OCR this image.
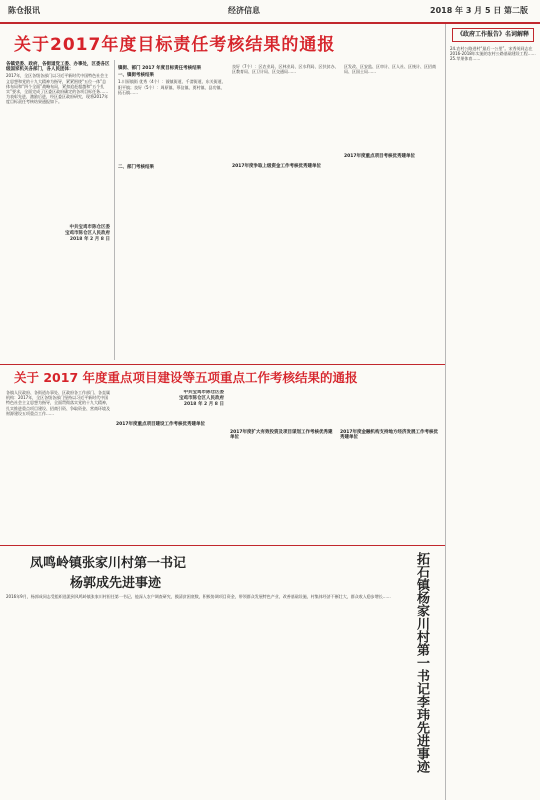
陈仓报讯	经济信息	2018 年 3 月 5 日 第二版
关于2017年度目标责任考核结果的通报
各镇党委、政府，各街道党工委、办事处，区委各区级国家机关各部门，各人民团体：
2017年，全区各级各部门以习近平新时代中国特色社会主义思想和党的十九大精神为指导，紧紧围绕“五位一体”总体布局和“四个全面”战略布局，紧扣追赶超越和“五个扎实”要求，全面完成了区委区政府确定的各项目标任务……为表彰先进，激励后进，经区委区政府研究，现将2017年度目标责任考核结果通报如下。
中共宝鸡市陈仓区委
宝鸡市陈仓区人民政府
2018 年 2 月 8 日
镇街、部门 2017 年度目标责任考核结果
一、镇街考核结果
1.川原镇街 优秀（4个）：虢镇街道、千渭街道、东关街道、阳平镇；良好（5个）：周原镇、慕仪镇、贾村镇、县功镇、拓石镇……
二、部门考核结果
良好（7个）：区农业局、区林业局、区水利局、区扶贫办、区教育局、区卫计局、区交通局……
2017年度争取上级资金工作考核优秀建单位
区发改、区安监、区审计、区人社、区统计、区招商局、区国土局……
2017年度重点项目考核优秀建单位
关于 2017 年度重点项目建设等五项重点工作考核结果的通报
各镇人民政府、各街道办事处、区政府各工作部门、各直属机构：2017年，全区各级各部门坚持以习近平新时代中国特色社会主义思想为指导，全面贯彻落实党的十九大精神，扎实推进重点项目建设、招商引资、争取资金、营商环境及财源建设五项重点工作……
中共宝鸡市陈仓区委
宝鸡市陈仓区人民政府
2018 年 2 月 8 日
2017年度重点项目建设工作考核优秀建单位
2017年度扩大有效投资及项目谋划工作考核优秀建单位
2017年度金融机构支持地方经济发展工作考核优秀建单位
凤鸣岭镇张家川村第一书记
杨郭成先进事迹
2016年9月，杨郭成同志受组织选派到凤鸣岭镇张家川村担任第一书记。他深入农户调查研究，摸清贫困底数，积极协调项目资金，带领群众发展特色产业，改善基础设施，村集体经济不断壮大，群众收入稳步增长……	拓石镇杨家川村第一书记李玮先进事迹
《政府工作报告》名词解释
24.农村公路进村“最后一公里”。宋秀英同志在2016-2018年实施的农村公路基础建设工程……25.苹果体育……
